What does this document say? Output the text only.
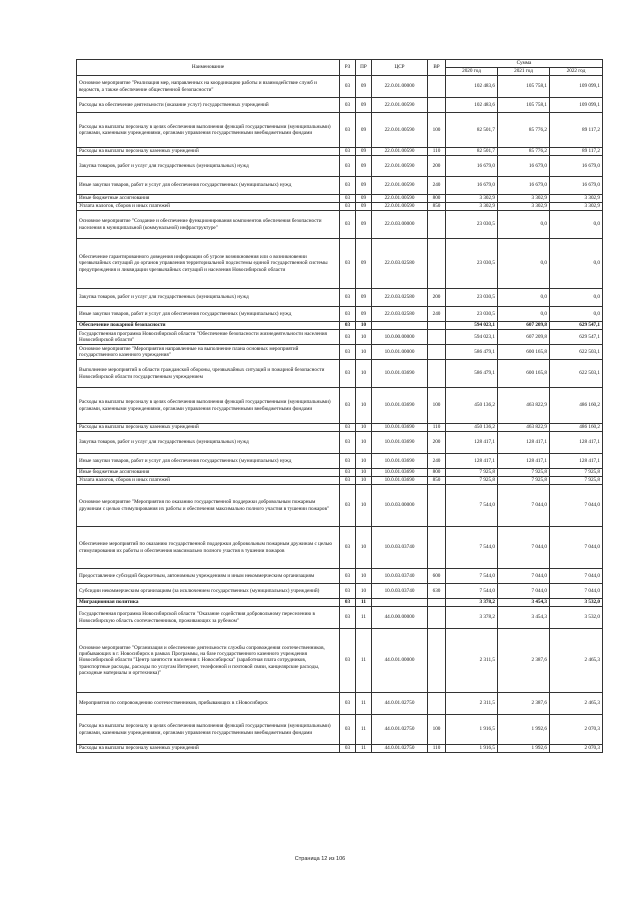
Наименование	РЗ	ПР	ЦСР	ВР	Сумма		
					2020 год	2021 год	2022 год
Основное мероприятие "Реализация мер, направленных на координацию работы и взаимодействие служб и ведомств, а также обеспечение общественной безопасности"	03	09	22.0.01.00000		102 483,6	105 758,1	109 099,1
Расходы на обеспечение деятельности (оказание услуг) государственных учреждений	03	09	22.0.01.00590		102 483,6	105 758,1	109 099,1
Расходы на выплаты персоналу в целях обеспечения выполнения функций государственными (муниципальными) органами, казенными учреждениями, органами управления государственными внебюджетными фондами	03	09	22.0.01.00590	100	82 501,7	85 776,2	89 117,2
Расходы на выплаты персоналу казенных учреждений	03	09	22.0.01.00590	110	82 501,7	85 776,2	89 117,2
Закупка товаров, работ и услуг для государственных (муниципальных) нужд	03	09	22.0.01.00590	200	16 679,0	16 679,0	16 679,0
Иные закупки товаров, работ и услуг для обеспечения государственных (муниципальных) нужд	03	09	22.0.01.00590	240	16 679,0	16 679,0	16 679,0
Иные бюджетные ассигнования	03	09	22.0.01.00590	800	3 302,9	3 302,9	3 302,9
Уплата налогов, сборов и иных платежей	03	09	22.0.01.00590	850	3 302,9	3 302,9	3 302,9
Основное мероприятие "Создание и обеспечение функционирования компонентов обеспечения безопасности населения в муниципальной (коммунальной) инфраструктуре"	03	09	22.0.03.00000		23 030,5	0,0	0,0
Обеспечение гарантированного доведения информации об угрозе возникновения или о возникновении чрезвычайных ситуаций до органов управления территориальной подсистемы единой государственной системы предупреждения и ликвидации чрезвычайных ситуаций и населения Новосибирской области	03	09	22.0.03.02580		23 030,5	0,0	0,0
Закупка товаров, работ и услуг для государственных (муниципальных) нужд	03	09	22.0.03.02580	200	23 030,5	0,0	0,0
Иные закупки товаров, работ и услуг для обеспечения государственных (муниципальных) нужд	03	09	22.0.03.02580	240	23 030,5	0,0	0,0
Обеспечение пожарной безопасности	03	10			594 023,1	607 209,8	629 547,1
Государственная программа Новосибирской области "Обеспечение безопасности жизнедеятельности населения Новосибирской области"	03	10	10.0.00.00000		594 023,1	607 209,8	629 547,1
Основное мероприятие "Мероприятия направленные на выполнение плана основных мероприятий государственного казенного учреждения"	03	10	10.0.01.00000		586 479,1	600 165,8	622 503,1
Выполнение мероприятий в области гражданской обороны, чрезвычайных ситуаций и пожарной безопасности Новосибирской области государственным учреждением	03	10	10.0.01.03690		586 479,1	600 165,8	622 503,1
Расходы на выплаты персоналу в целях обеспечения выполнения функций государственными (муниципальными) органами, казенными учреждениями, органами управления государственными внебюджетными фондами	03	10	10.0.01.03690	100	450 136,2	463 822,9	486 160,2
Расходы на выплаты персоналу казенных учреждений	03	10	10.0.01.03690	110	450 136,2	463 822,9	486 160,2
Закупка товаров, работ и услуг для государственных (муниципальных) нужд	03	10	10.0.01.03690	200	128 417,1	128 417,1	128 417,1
Иные закупки товаров, работ и услуг для обеспечения государственных (муниципальных) нужд	03	10	10.0.01.03690	240	128 417,1	128 417,1	128 417,1
Иные бюджетные ассигнования	03	10	10.0.01.03690	800	7 925,8	7 925,8	7 925,8
Уплата налогов, сборов и иных платежей	03	10	10.0.01.03690	850	7 925,8	7 925,8	7 925,8
Основное мероприятие "Мероприятия по оказанию государственной поддержки добровольным пожарным дружинам с целью стимулирования их работы и обеспечения максимально полного участия в тушении пожаров"	03	10	10.0.03.00000		7 544,0	7 044,0	7 044,0
Обеспечение мероприятий по оказанию государственной поддержки добровольным пожарным дружинам с целью стимулирования их работы и обеспечения максимально полного участия в тушении пожаров	03	10	10.0.03.03740		7 544,0	7 044,0	7 044,0
Предоставление субсидий бюджетным, автономным учреждениям и иным некоммерческим организациям	03	10	10.0.03.03740	600	7 544,0	7 044,0	7 044,0
Субсидии некоммерческим организациям (за исключением государственных (муниципальных) учреждений)	03	10	10.0.03.03740	630	7 544,0	7 044,0	7 044,0
Миграционная политика	03	11			3 378,2	3 454,3	3 532,0
Государственная программа Новосибирской области "Оказание содействия добровольному переселению в Новосибирскую область соотечественников, проживающих за рубежом"	03	11	44.0.00.00000		3 378,2	3 454,3	3 532,0
Основное мероприятие "Организация и обеспечение деятельности службы сопровождения соотечественников, прибывающих в г. Новосибирск в рамках Программы, на базе государственного казенного учреждения Новосибирской области "Центр занятости населения г. Новосибирска" (заработная плата сотрудников, транспортные расходы, расходы по услугам Интернет, телефонной и почтовой связи, канцелярские расходы, расходные материалы и оргтехника)"	03	11	44.0.01.00000		2 311,5	2 387,6	2 465,3
Мероприятия по сопровождению соотечественников, прибывающих в г.Новосибирск	03	11	44.0.01.02750		2 311,5	2 387,6	2 465,3
Расходы на выплаты персоналу в целях обеспечения выполнения функций государственными (муниципальными) органами, казенными учреждениями, органами управления государственными внебюджетными фондами	03	11	44.0.01.02750	100	1 916,5	1 992,6	2 070,3
Расходы на выплаты персоналу казенных учреждений	03	11	44.0.01.02750	110	1 916,5	1 992,6	2 070,3
Страница 12 из 106
